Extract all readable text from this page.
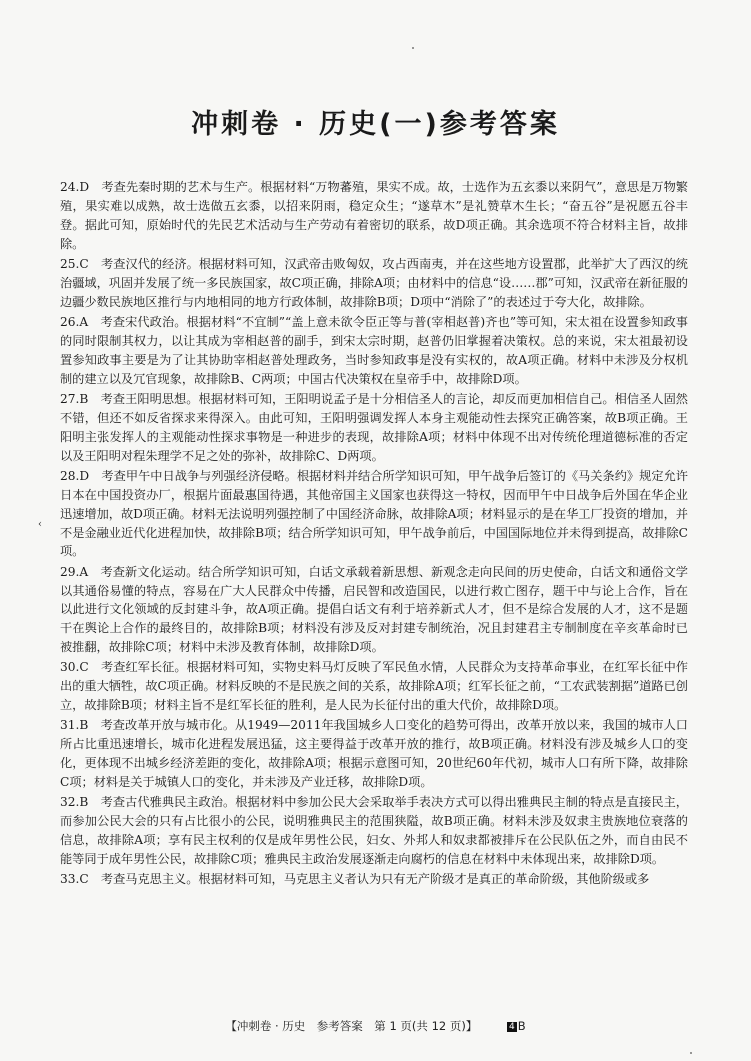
冲刺卷 · 历史(一)参考答案

24.D　考查先秦时期的艺术与生产。根据材料“万物蕃殖，果实不成。故，士选作为五玄黍以来阴气”，意思是万物繁殖，果实难以成熟，故士选做五玄黍，以招来阴雨，稳定众生；“遂草木”是礼赞草木生长；“奋五谷”是祝愿五谷丰登。据此可知，原始时代的先民艺术活动与生产劳动有着密切的联系，故D项正确。其余选项不符合材料主旨，故排除。

25.C　考查汉代的经济。根据材料可知，汉武帝击败匈奴，攻占西南夷，并在这些地方设置郡，此举扩大了西汉的统治疆域，巩固并发展了统一多民族国家，故C项正确，排除A项；由材料中的信息“设……郡”可知，汉武帝在新征服的边疆少数民族地区推行与内地相同的地方行政体制，故排除B项；D项中“消除了”的表述过于夸大化，故排除。

26.A　考查宋代政治。根据材料“不宜制”“盖上意未欲令臣正等与普(宰相赵普)齐也”等可知，宋太祖在设置参知政事的同时限制其权力，以让其成为宰相赵普的副手，到宋太宗时期，赵普仍旧掌握着决策权。总的来说，宋太祖最初设置参知政事主要是为了让其协助宰相赵普处理政务，当时参知政事是没有实权的，故A项正确。材料中未涉及分权机制的建立以及冗官现象，故排除B、C两项；中国古代决策权在皇帝手中，故排除D项。

27.B　考查王阳明思想。根据材料可知，王阳明说孟子是十分相信圣人的言论，却反而更加相信自己。相信圣人固然不错，但还不如反省探求来得深入。由此可知，王阳明强调发挥人本身主观能动性去探究正确答案，故B项正确。王阳明主张发挥人的主观能动性探求事物是一种进步的表现，故排除A项；材料中体现不出对传统伦理道德标准的否定以及王阳明对程朱理学不足之处的弥补，故排除C、D两项。

28.D　考查甲午中日战争与列强经济侵略。根据材料并结合所学知识可知，甲午战争后签订的《马关条约》规定允许日本在中国投资办厂，根据片面最惠国待遇，其他帝国主义国家也获得这一特权，因而甲午中日战争后外国在华企业迅速增加，故D项正确。材料无法说明列强控制了中国经济命脉，故排除A项；材料显示的是在华工厂投资的增加，并不是金融业近代化进程加快，故排除B项；结合所学知识可知，甲午战争前后，中国国际地位并未得到提高，故排除C项。

29.A　考查新文化运动。结合所学知识可知，白话文承载着新思想、新观念走向民间的历史使命，白话文和通俗文学以其通俗易懂的特点，容易在广大人民群众中传播，启民智和改造国民，以进行救亡图存，题干中与论上合作，旨在以此进行文化领域的反封建斗争，故A项正确。提倡白话文有利于培养新式人才，但不是综合发展的人才，这不是题干在舆论上合作的最终目的，故排除B项；材料没有涉及反对封建专制统治，况且封建君主专制制度在辛亥革命时已被推翻，故排除C项；材料中未涉及教育体制，故排除D项。

30.C　考查红军长征。根据材料可知，实物史料马灯反映了军民鱼水情，人民群众为支持革命事业，在红军长征中作出的重大牺牲，故C项正确。材料反映的不是民族之间的关系，故排除A项；红军长征之前，“工农武装割据”道路已创立，故排除B项；材料主旨不是红军长征的胜利，是人民为长征付出的重大代价，故排除D项。

31.B　考查改革开放与城市化。从1949—2011年我国城乡人口变化的趋势可得出，改革开放以来，我国的城市人口所占比重迅速增长，城市化进程发展迅猛，这主要得益于改革开放的推行，故B项正确。材料没有涉及城乡人口的变化，更体现不出城乡经济差距的变化，故排除A项；根据示意图可知，20世纪60年代初，城市人口有所下降，故排除C项；材料是关于城镇人口的变化，并未涉及产业迁移，故排除D项。

32.B　考查古代雅典民主政治。根据材料中参加公民大会采取举手表决方式可以得出雅典民主制的特点是直接民主，而参加公民大会的只有占比很小的公民，说明雅典民主的范围狭隘，故B项正确。材料未涉及奴隶主贵族地位衰落的信息，故排除A项；享有民主权利的仅是成年男性公民，妇女、外邦人和奴隶都被排斥在公民队伍之外，而自由民不能等同于成年男性公民，故排除C项；雅典民主政治发展逐渐走向腐朽的信息在材料中未体现出来，故排除D项。

33.C　考查马克思主义。根据材料可知，马克思主义者认为只有无产阶级才是真正的革命阶级，其他阶级或多

‹
【冲刺卷 · 历史　参考答案　第 1 页(共 12 页)】	4 B
